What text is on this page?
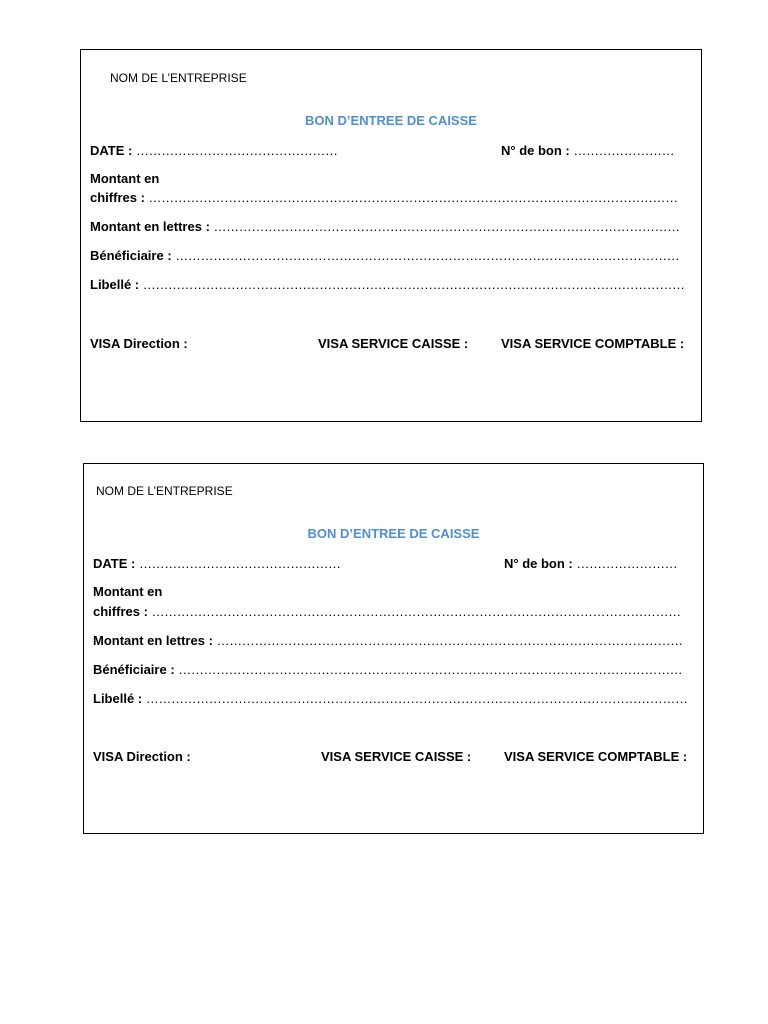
NOM DE L’ENTREPRISE
BON D’ENTREE DE CAISSE
DATE : …………………………………………	N° de bon : ……………………
Montant en
chiffres : ………………………………………………………………………………………………………………
Montant en lettres : …………………………………………………………………………………………………
Bénéficiaire : …………………………………………………………………………………………………………
Libellé : …………………………………………………………………………………………………………………
VISA Direction :	VISA SERVICE CAISSE :	VISA SERVICE COMPTABLE :
NOM DE L’ENTREPRISE
BON D’ENTREE DE CAISSE
DATE : …………………………………………	N° de bon : ……………………
Montant en
chiffres : ………………………………………………………………………………………………………………
Montant en lettres : …………………………………………………………………………………………………
Bénéficiaire : …………………………………………………………………………………………………………
Libellé : …………………………………………………………………………………………………………………
VISA Direction :	VISA SERVICE CAISSE :	VISA SERVICE COMPTABLE :
